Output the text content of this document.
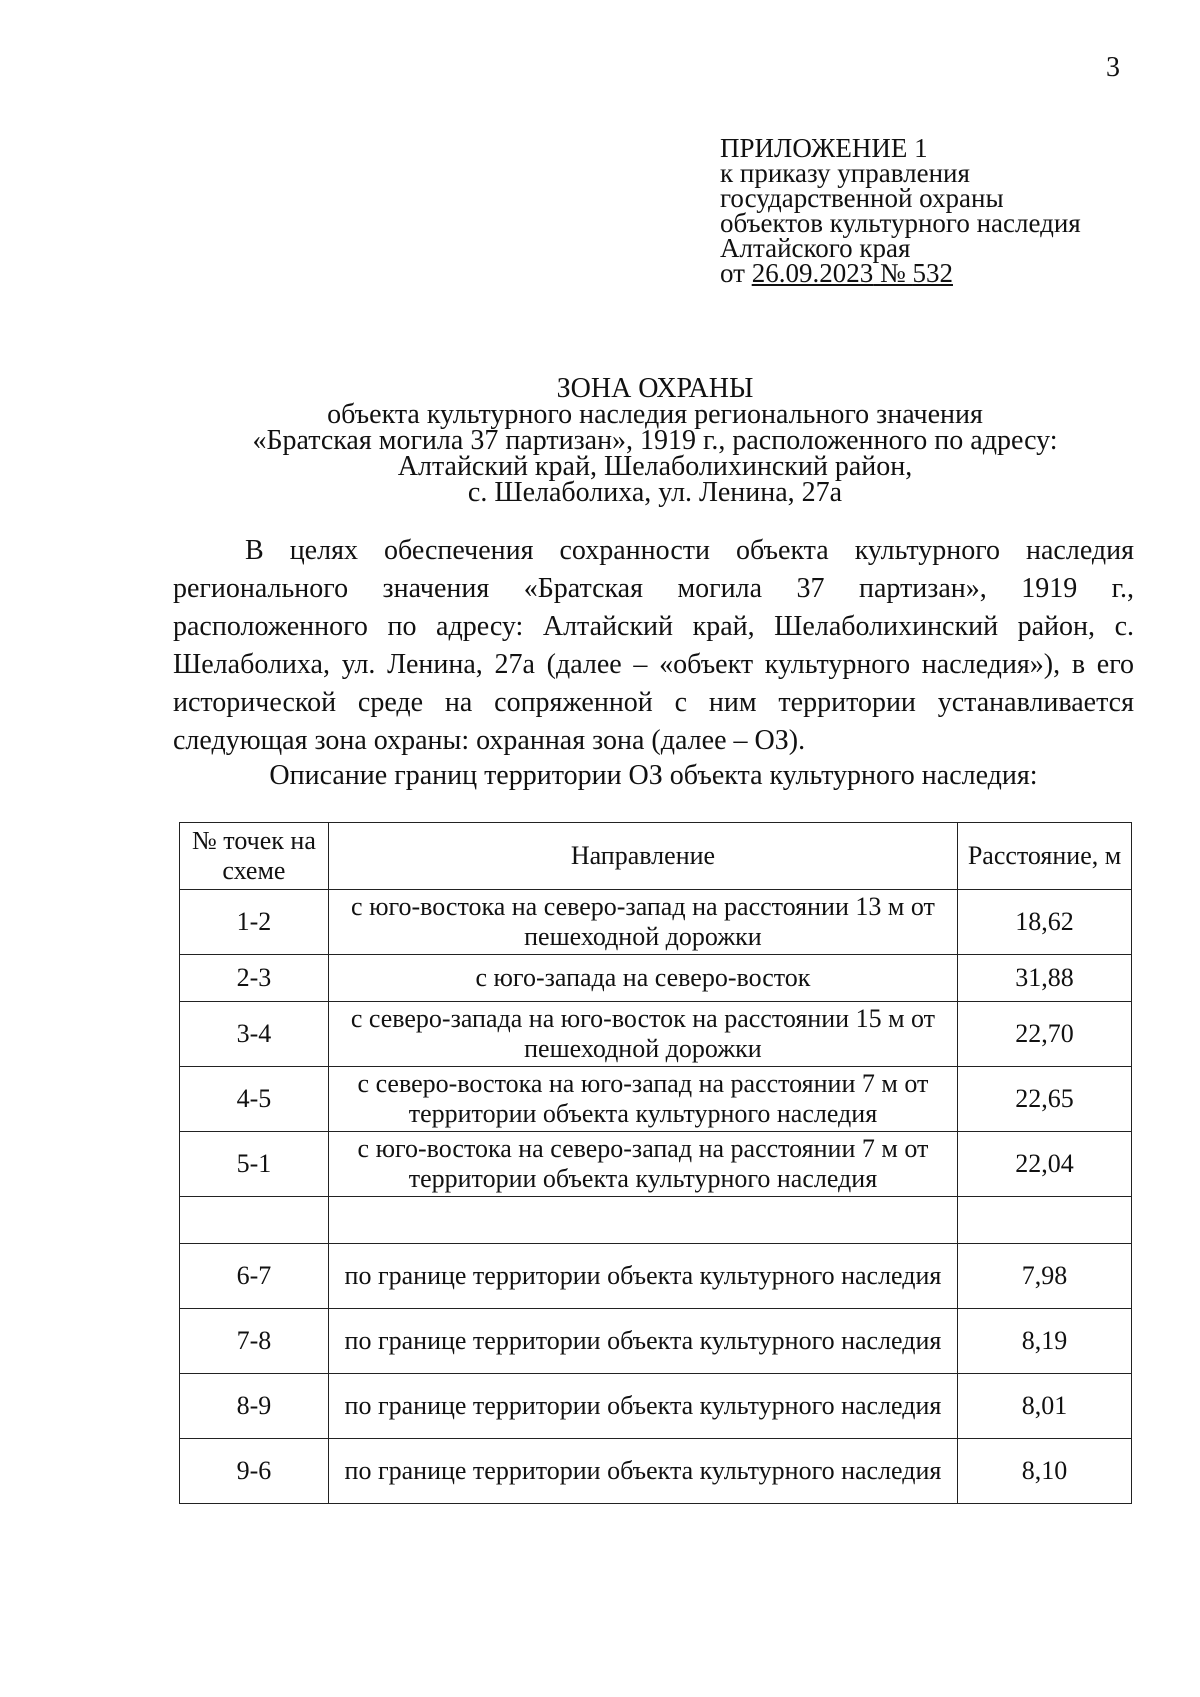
3
ПРИЛОЖЕНИЕ 1
к приказу управления
государственной охраны
объектов культурного наследия
Алтайского края
от 26.09.2023 № 532
ЗОНА ОХРАНЫ
объекта культурного наследия регионального значения
«Братская могила 37 партизан», 1919 г., расположенного по адресу:
Алтайский край, Шелаболихинский район,
с. Шелаболиха, ул. Ленина, 27а

В целях обеспечения сохранности объекта культурного наследия регионального значения «Братская могила 37 партизан», 1919 г., расположенного по адресу: Алтайский край, Шелаболихинский район, с. Шелаболиха, ул. Ленина, 27а (далее – «объект культурного наследия»), в его исторической среде на сопряженной с ним территории устанавливается следующая зона охраны: охранная зона (далее – ОЗ).

Описание границ территории ОЗ объекта культурного наследия:
№ точек на схеме	Направление	Расстояние, м
1-2	с юго-востока на северо-запад на расстоянии 13 м от пешеходной дорожки	18,62
2-3	с юго-запада на северо-восток	31,88
3-4	с северо-запада на юго-восток на расстоянии 15 м от пешеходной дорожки	22,70
4-5	с северо-востока на юго-запад на расстоянии 7 м от территории объекта культурного наследия	22,65
5-1	с юго-востока на северо-запад на расстоянии 7 м от территории объекта культурного наследия	22,04

6-7	по границе территории объекта культурного наследия	7,98
7-8	по границе территории объекта культурного наследия	8,19
8-9	по границе территории объекта культурного наследия	8,01
9-6	по границе территории объекта культурного наследия	8,10
